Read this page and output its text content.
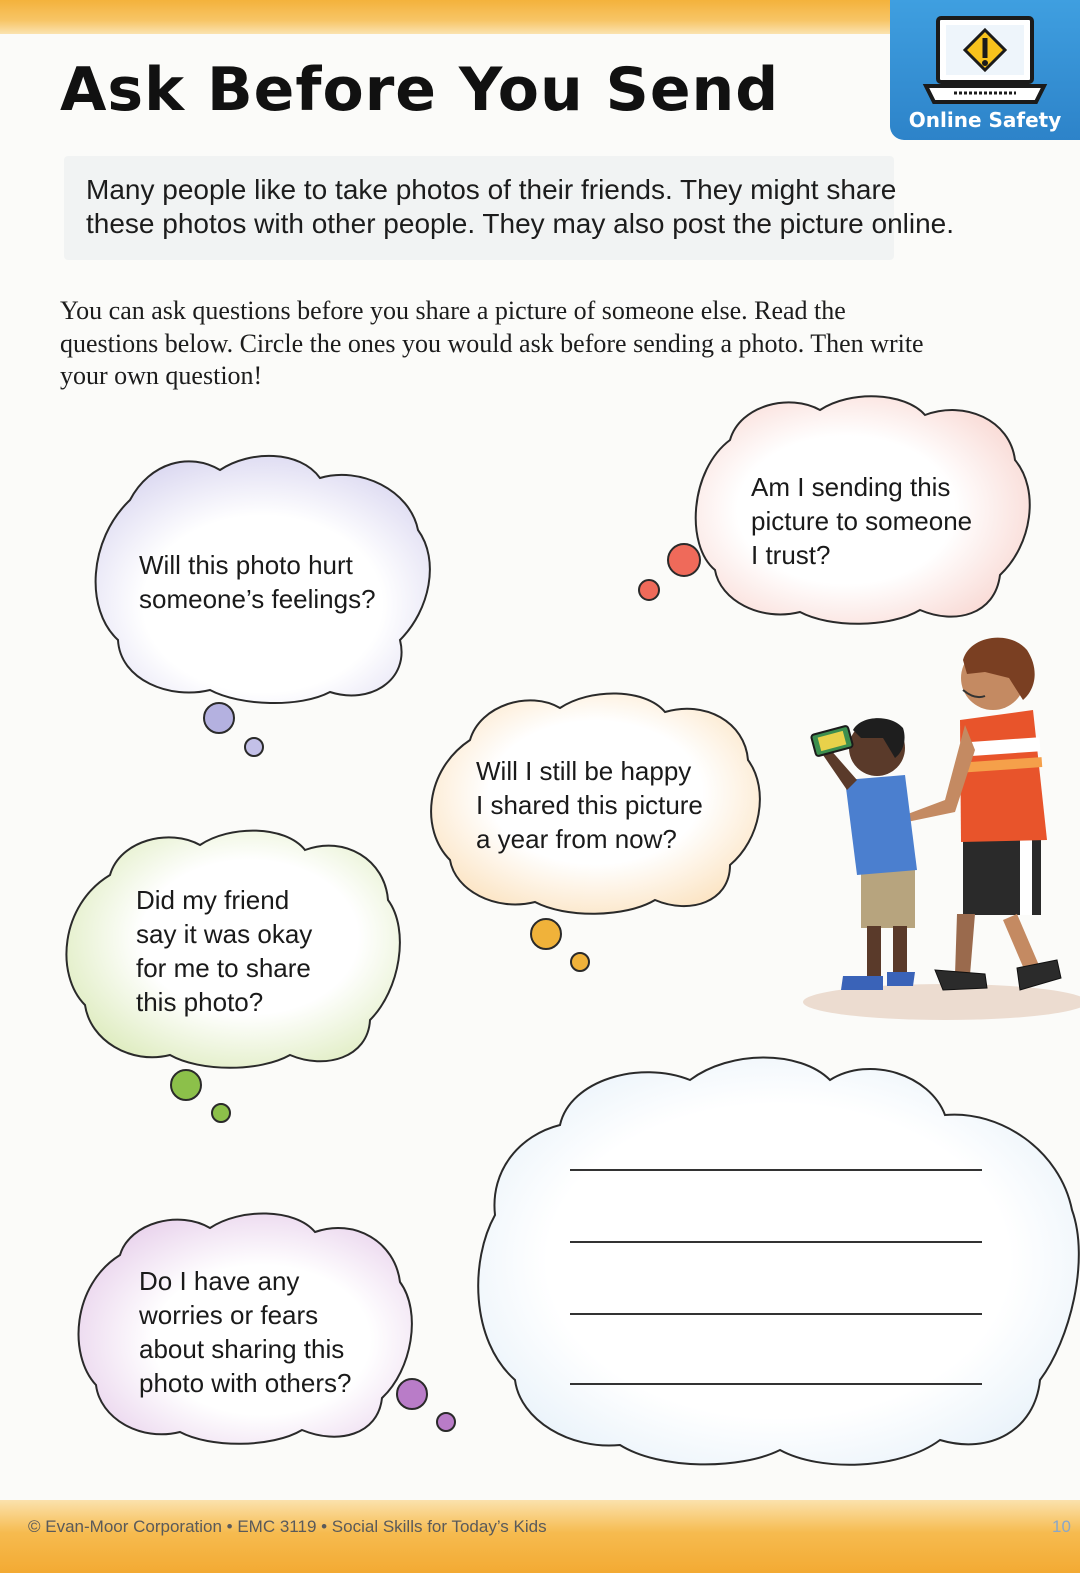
Online Safety
Ask Before You Send

Many people like to take photos of their friends. They might share these photos with other people. They may also post the picture online.

You can ask questions before you share a picture of someone else. Read the questions below. Circle the ones you would ask before sending a photo. Then write your own question!

Will this photo hurt
someone’s feelings?
Am I sending this
picture to someone
I trust?
Will I still be happy
I shared this picture
a year from now?
Did my friend
say it was okay
for me to share
this photo?
Do I have any
worries or fears
about sharing this
photo with others?
© Evan-Moor Corporation • EMC 3119 • Social Skills for Today’s Kids	10
